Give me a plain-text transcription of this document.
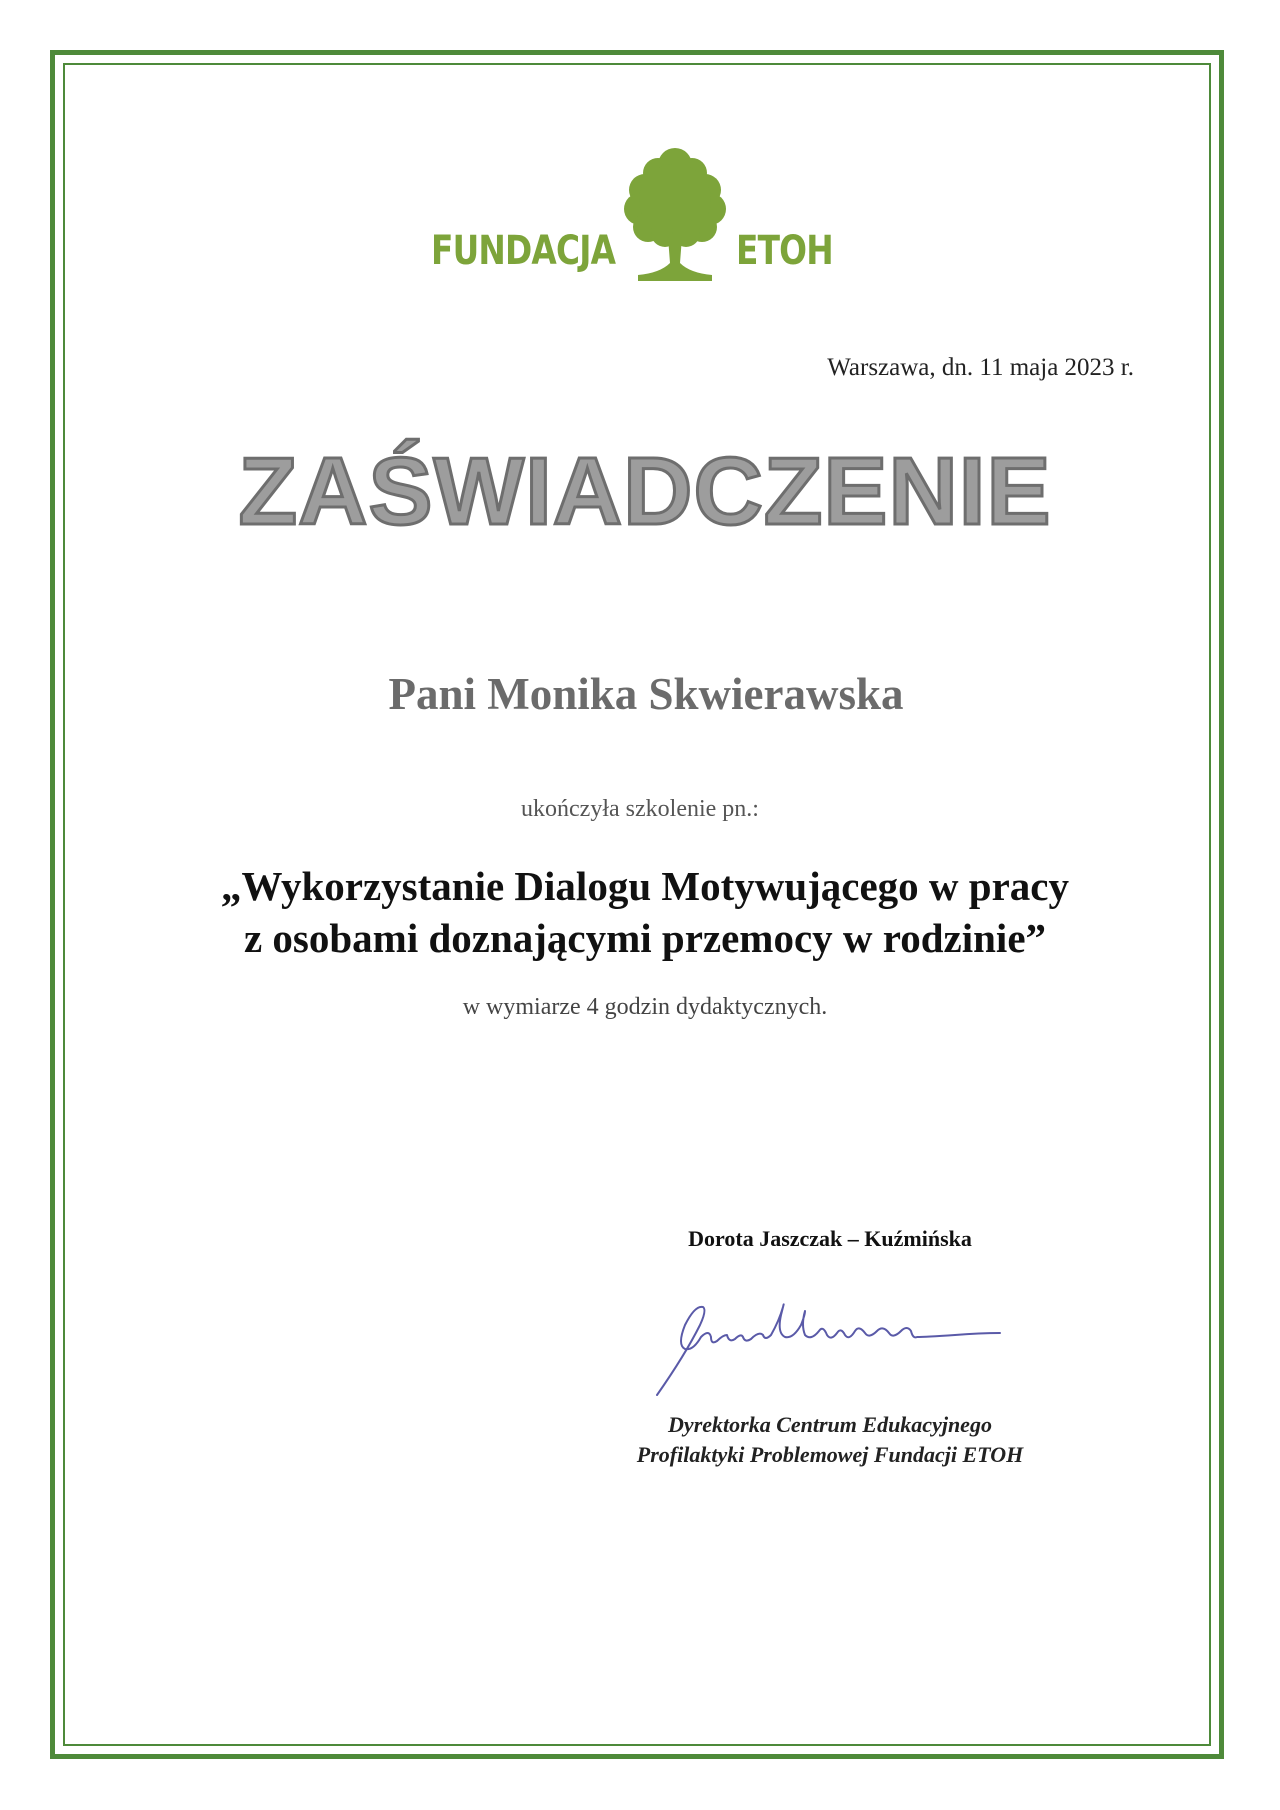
FUNDACJA	ETOH
Warszawa, dn. 11 maja 2023 r.
ZAŚWIADCZENIE
Pani Monika Skwierawska
ukończyła szkolenie pn.:
„Wykorzystanie Dialogu Motywującego w pracy
z osobami doznającymi przemocy w rodzinie”
w wymiarze 4 godzin dydaktycznych.
Dorota Jaszczak – Kuźmińska
Dyrektorka Centrum Edukacyjnego
Profilaktyki Problemowej Fundacji ETOH
